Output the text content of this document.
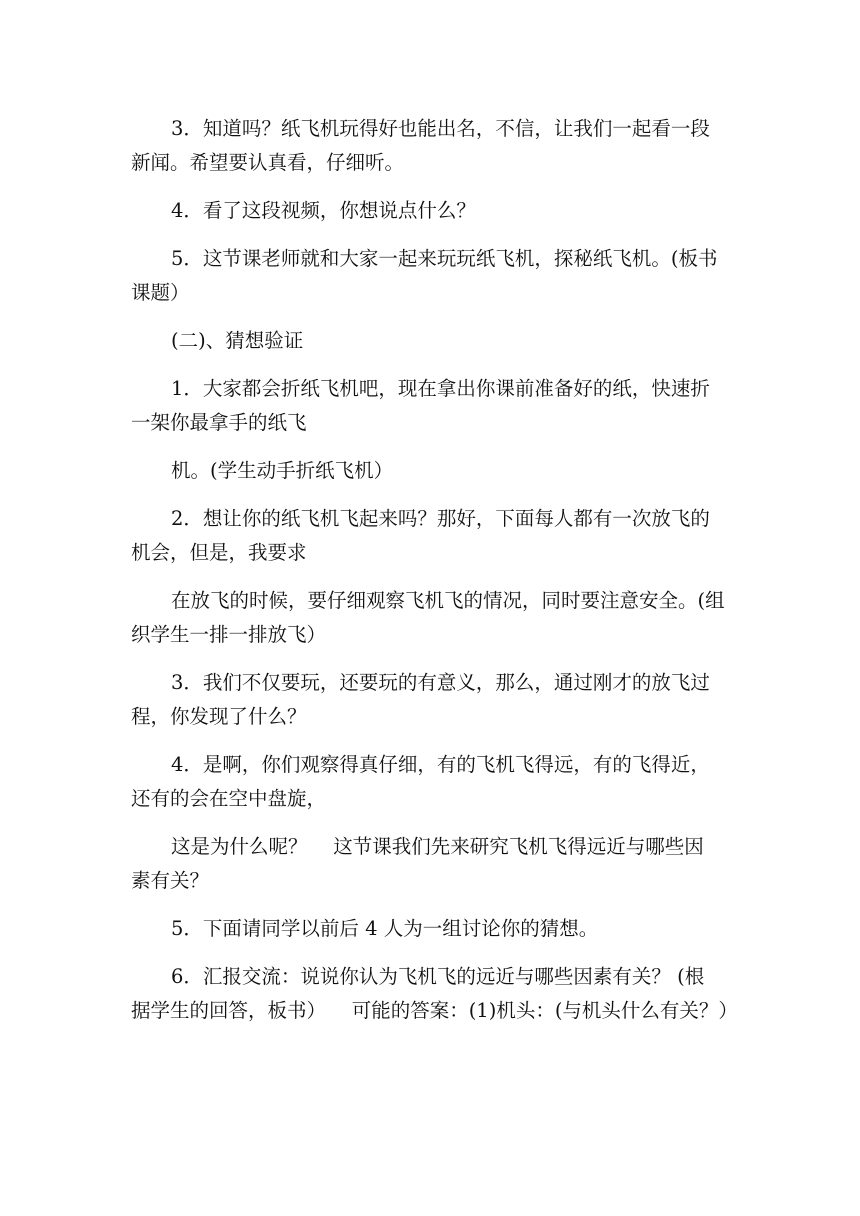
3．知道吗？纸飞机玩得好也能出名，不信，让我们一起看一段
新闻。希望要认真看，仔细听。
4．看了这段视频，你想说点什么？
5．这节课老师就和大家一起来玩玩纸飞机，探秘纸飞机。(板书
课题）
(二)、猜想验证
1．大家都会折纸飞机吧，现在拿出你课前准备好的纸，快速折
一架你最拿手的纸飞
机。(学生动手折纸飞机）
2．想让你的纸飞机飞起来吗？那好，下面每人都有一次放飞的
机会，但是，我要求
在放飞的时候，要仔细观察飞机飞的情况，同时要注意安全。(组
织学生一排一排放飞）
3．我们不仅要玩，还要玩的有意义，那么，通过刚才的放飞过
程，你发现了什么？
4．是啊，你们观察得真仔细，有的飞机飞得远，有的飞得近，
还有的会在空中盘旋，
这是为什么呢？　 这节课我们先来研究飞机飞得远近与哪些因
素有关？
5．下面请同学以前后 4 人为一组讨论你的猜想。
6．汇报交流：说说你认为飞机飞的远近与哪些因素有关？ (根
据学生的回答，板书） 　可能的答案：(1)机头：(与机头什么有关？）
